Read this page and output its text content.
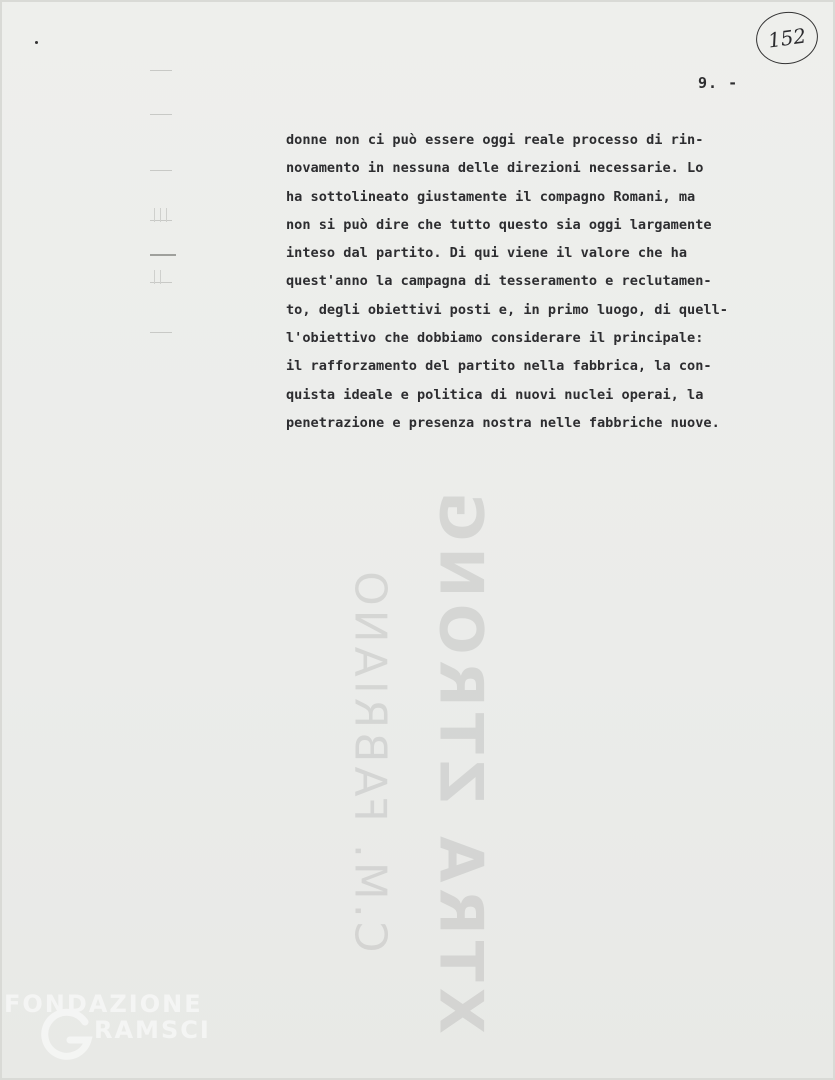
152
9. -
donne non ci può essere oggi reale processo di rin-
novamento in nessuna delle direzioni necessarie. Lo
ha sottolineato giustamente il compagno Romani, ma
non si può dire che tutto questo sia oggi largamente
inteso dal partito. Di qui viene il valore che ha
quest'anno la campagna di tesseramento e reclutamen-
to, degli obiettivi posti e, in primo luogo, di quell-
l'obiettivo che dobbiamo considerare il principale:
il rafforzamento del partito nella fabbrica, la con-
quista ideale e politica di nuovi nuclei operai, la
penetrazione e presenza nostra nelle fabbriche nuove.
XTRA ZTRONG
C.M. FABRIANO
FONDAZIONE
RAMSCI
